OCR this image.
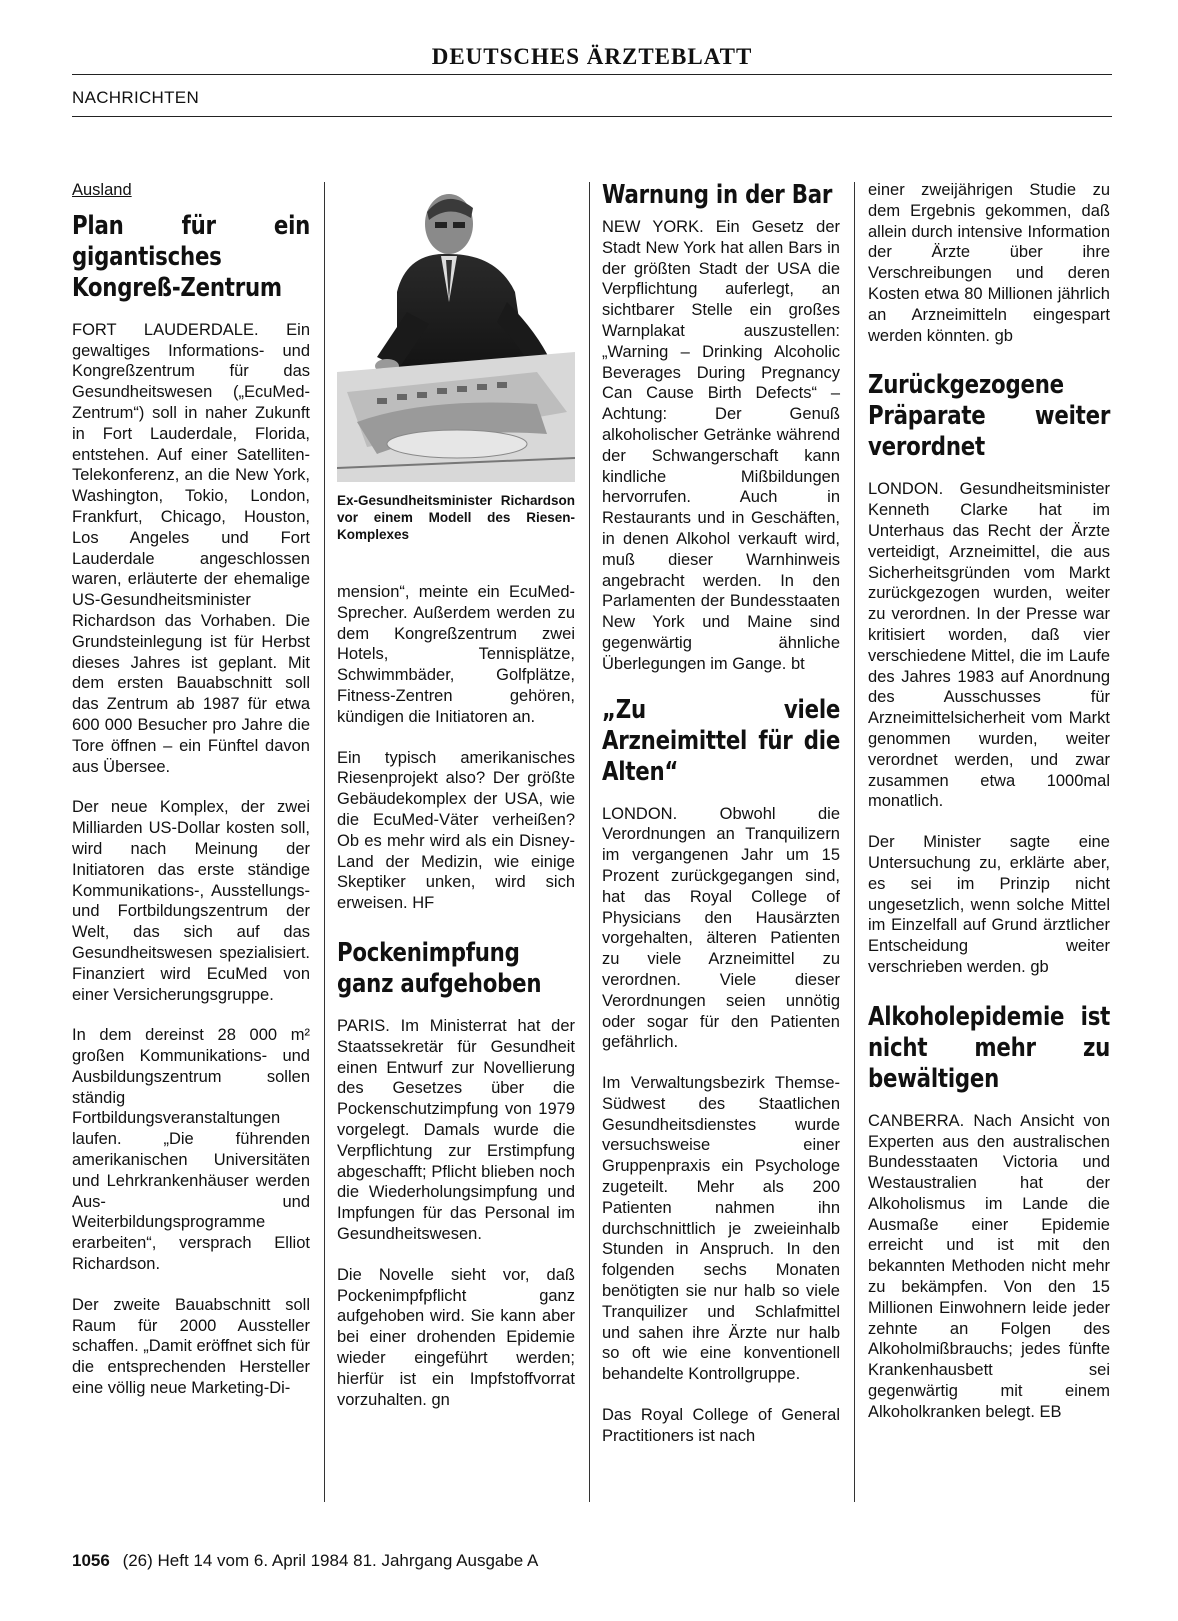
DEUTSCHES ÄRZTEBLATT
NACHRICHTEN
Ausland
Plan für ein gigantisches Kongreß-Zentrum

FORT LAUDERDALE. Ein gewaltiges Informations- und Kongreßzentrum für das Gesundheitswesen („EcuMed-Zentrum“) soll in naher Zukunft in Fort Lauderdale, Florida, entstehen. Auf einer Satelliten-Telekonferenz, an die New York, Washington, Tokio, London, Frankfurt, Chicago, Houston, Los Angeles und Fort Lauderdale angeschlossen waren, erläuterte der ehemalige US-Gesundheitsminister Richardson das Vorhaben. Die Grundsteinlegung ist für Herbst dieses Jahres ist geplant. Mit dem ersten Bauabschnitt soll das Zentrum ab 1987 für etwa 600 000 Besucher pro Jahre die Tore öffnen – ein Fünftel davon aus Übersee.

Der neue Komplex, der zwei Milliarden US-Dollar kosten soll, wird nach Meinung der Initiatoren das erste ständige Kommunikations-, Ausstellungs- und Fortbildungszentrum der Welt, das sich auf das Gesundheitswesen spezialisiert. Finanziert wird EcuMed von einer Versicherungsgruppe.

In dem dereinst 28 000 m² großen Kommunikations- und Ausbildungszentrum sollen ständig Fortbildungsveranstaltungen laufen. „Die führenden amerikanischen Universitäten und Lehrkrankenhäuser werden Aus- und Weiterbildungsprogramme erarbeiten“, versprach Elliot Richardson.

Der zweite Bauabschnitt soll Raum für 2000 Aussteller schaffen. „Damit eröffnet sich für die entsprechenden Hersteller eine völlig neue Marketing-Di-

Ex-Gesundheitsminister Richardson vor einem Modell des Riesen-Komplexes

mension“, meinte ein EcuMed-Sprecher. Außerdem werden zu dem Kongreßzentrum zwei Hotels, Tennisplätze, Schwimmbäder, Golfplätze, Fitness-Zentren gehören, kündigen die Initiatoren an.

Ein typisch amerikanisches Riesenprojekt also? Der größte Gebäudekomplex der USA, wie die EcuMed-Väter verheißen? Ob es mehr wird als ein Disney-Land der Medizin, wie einige Skeptiker unken, wird sich erweisen. HF

Pockenimpfung ganz aufgehoben

PARIS. Im Ministerrat hat der Staatssekretär für Gesundheit einen Entwurf zur Novellierung des Gesetzes über die Pockenschutzimpfung von 1979 vorgelegt. Damals wurde die Verpflichtung zur Erstimpfung abgeschafft; Pflicht blieben noch die Wiederholungsimpfung und Impfungen für das Personal im Gesundheitswesen.

Die Novelle sieht vor, daß Pockenimpfpflicht ganz aufgehoben wird. Sie kann aber bei einer drohenden Epidemie wieder eingeführt werden; hierfür ist ein Impfstoffvorrat vorzuhalten. gn

Warnung in der Bar

NEW YORK. Ein Gesetz der Stadt New York hat allen Bars in der größten Stadt der USA die Verpflichtung auferlegt, an sichtbarer Stelle ein großes Warnplakat auszustellen: „Warning – Drinking Alcoholic Beverages During Pregnancy Can Cause Birth Defects“ – Achtung: Der Genuß alkoholischer Getränke während der Schwangerschaft kann kindliche Mißbildungen hervorrufen. Auch in Restaurants und in Geschäften, in denen Alkohol verkauft wird, muß dieser Warnhinweis angebracht werden. In den Parlamenten der Bundesstaaten New York und Maine sind gegenwärtig ähnliche Überlegungen im Gange. bt

„Zu viele Arzneimittel für die Alten“

LONDON. Obwohl die Verordnungen an Tranquilizern im vergangenen Jahr um 15 Prozent zurückgegangen sind, hat das Royal College of Physicians den Hausärzten vorgehalten, älteren Patienten zu viele Arzneimittel zu verordnen. Viele dieser Verordnungen seien unnötig oder sogar für den Patienten gefährlich.

Im Verwaltungsbezirk Themse-Südwest des Staatlichen Gesundheitsdienstes wurde versuchsweise einer Gruppenpraxis ein Psychologe zugeteilt. Mehr als 200 Patienten nahmen ihn durchschnittlich je zweieinhalb Stunden in Anspruch. In den folgenden sechs Monaten benötigten sie nur halb so viele Tranquilizer und Schlafmittel und sahen ihre Ärzte nur halb so oft wie eine konventionell behandelte Kontrollgruppe.

Das Royal College of General Practitioners ist nach

einer zweijährigen Studie zu dem Ergebnis gekommen, daß allein durch intensive Information der Ärzte über ihre Verschreibungen und deren Kosten etwa 80 Millionen jährlich an Arzneimitteln eingespart werden könnten. gb

Zurückgezogene Präparate weiter verordnet

LONDON. Gesundheitsminister Kenneth Clarke hat im Unterhaus das Recht der Ärzte verteidigt, Arzneimittel, die aus Sicherheitsgründen vom Markt zurückgezogen wurden, weiter zu verordnen. In der Presse war kritisiert worden, daß vier verschiedene Mittel, die im Laufe des Jahres 1983 auf Anordnung des Ausschusses für Arzneimittelsicherheit vom Markt genommen wurden, weiter verordnet werden, und zwar zusammen etwa 1000mal monatlich.

Der Minister sagte eine Untersuchung zu, erklärte aber, es sei im Prinzip nicht ungesetzlich, wenn solche Mittel im Einzelfall auf Grund ärztlicher Entscheidung weiter verschrieben werden. gb

Alkoholepidemie ist nicht mehr zu bewältigen

CANBERRA. Nach Ansicht von Experten aus den australischen Bundesstaaten Victoria und Westaustralien hat der Alkoholismus im Lande die Ausmaße einer Epidemie erreicht und ist mit den bekannten Methoden nicht mehr zu bekämpfen. Von den 15 Millionen Einwohnern leide jeder zehnte an Folgen des Alkoholmißbrauchs; jedes fünfte Krankenhausbett sei gegenwärtig mit einem Alkoholkranken belegt. EB

1056 (26) Heft 14 vom 6. April 1984 81. Jahrgang Ausgabe A
